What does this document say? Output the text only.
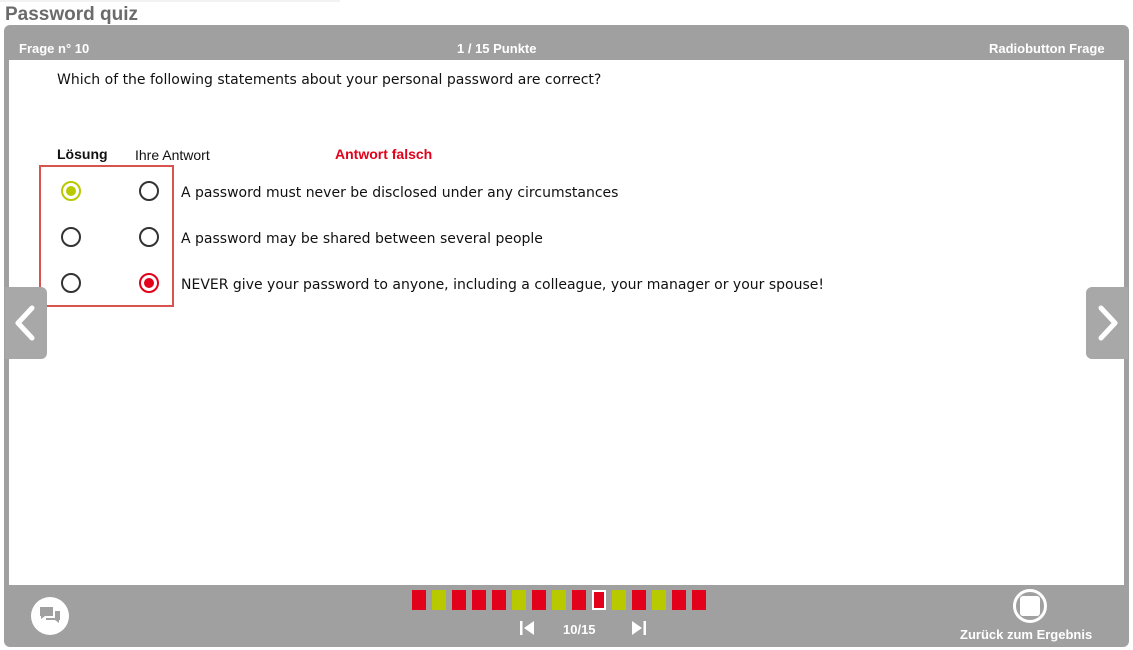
Password quiz
Frage n° 10	1 / 15 Punkte	Radiobutton Frage
Which of the following statements about your personal password are correct?
Lösung Ihre Antwort	Antwort falsch
A password must never be disclosed under any circumstances
A password may be shared between several people
NEVER give your password to anyone, including a colleague, your manager or your spouse!
10/15	Zurück zum Ergebnis
